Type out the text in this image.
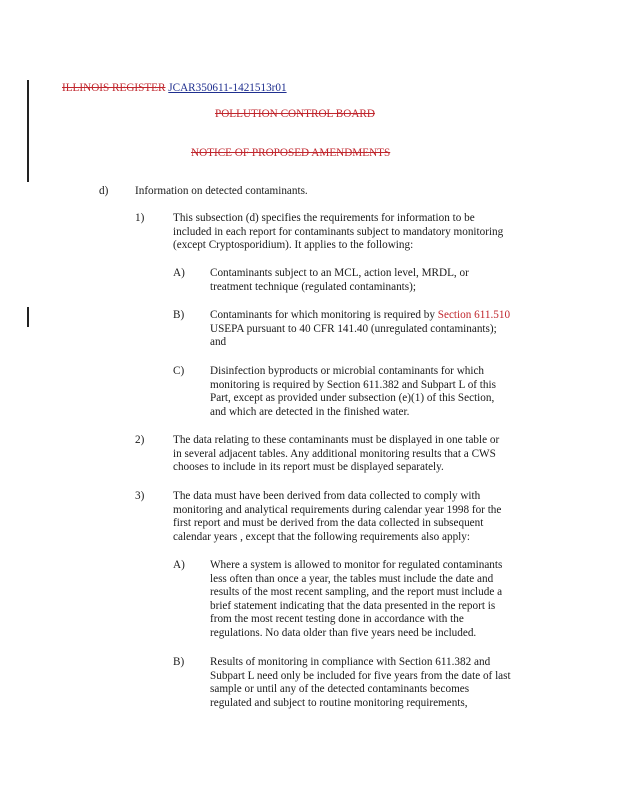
ILLINOIS REGISTER JCAR350611-1421513r01
POLLUTION CONTROL BOARD
NOTICE OF PROPOSED AMENDMENTS
d) Information on detected contaminants.
1)	This subsection (d) specifies the requirements for information to be
included in each report for contaminants subject to mandatory monitoring
(except Cryptosporidium). It applies to the following:
A) Contaminants subject to an MCL, action level, MRDL, or
treatment technique (regulated contaminants);
B) Contaminants for which monitoring is required by Section 611.510
USEPA pursuant to 40 CFR 141.40 (unregulated contaminants);
and
C) Disinfection byproducts or microbial contaminants for which
monitoring is required by Section 611.382 and Subpart L of this
Part, except as provided under subsection (e)(1) of this Section,
and which are detected in the finished water.
2)	The data relating to these contaminants must be displayed in one table or
in several adjacent tables. Any additional monitoring results that a CWS
chooses to include in its report must be displayed separately.
3)	The data must have been derived from data collected to comply with
monitoring and analytical requirements during calendar year 1998 for the
first report and must be derived from the data collected in subsequent
calendar years , except that the following requirements also apply:
A) Where a system is allowed to monitor for regulated contaminants
less often than once a year, the tables must include the date and
results of the most recent sampling, and the report must include a
brief statement indicating that the data presented in the report is
from the most recent testing done in accordance with the
regulations. No data older than five years need be included.
B) Results of monitoring in compliance with Section 611.382 and
Subpart L need only be included for five years from the date of last
sample or until any of the detected contaminants becomes
regulated and subject to routine monitoring requirements,
